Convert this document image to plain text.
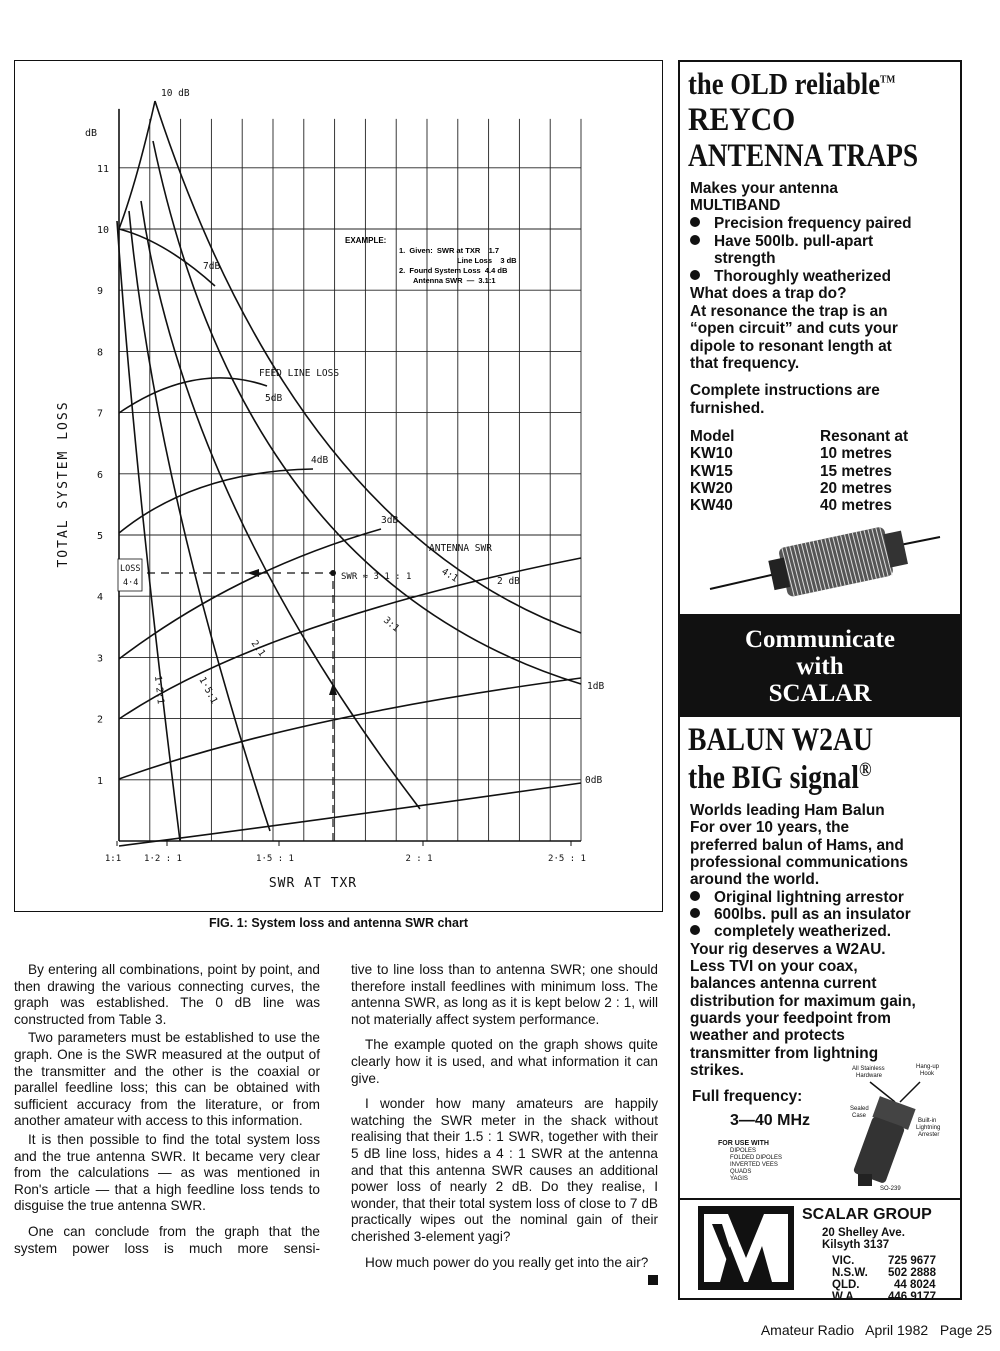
1
2
3
4
5
6
7
8
9
10
11
dB
1:1	1·2 : 1	1·5 : 1	2 : 1	2·5 : 1
SWR AT TXR
TOTAL SYSTEM LOSS
10 dB
7dB
5dB
4dB
3dB
2 dB
1dB
0dB
FEED LINE LOSS
ANTENNA SWR
4:1
3:1
2:1
1·5:1
1·2:1
SWR ≈ 3·1 : 1
LOSS
4·4
EXAMPLE:
1.  Given:  SWR at TXR    1.7
Line Loss    3 dB
2.  Found System Loss  4.4 dB
Antenna SWR  —  3.1:1
FIG. 1: System loss and antenna SWR chart

By entering all combinations, point by point, and then drawing the various connecting curves, the graph was established. The 0 dB line was constructed from Table 3.

Two parameters must be established to use the graph. One is the SWR measured at the output of the transmitter and the other is the coaxial or parallel feedline loss; this can be obtained with sufficient accuracy from the literature, or from another amateur with access to this information.

It is then possible to find the total system loss and the true antenna SWR. It became very clear from the calculations — as was mentioned in Ron's article — that a high feedline loss tends to disguise the true antenna SWR.

One can conclude from the graph that the system power loss is much more sensi-

tive to line loss than to antenna SWR; one should therefore install feedlines with minimum loss. The antenna SWR, as long as it is kept below 2 : 1, will not materially affect system performance.

The example quoted on the graph shows quite clearly how it is used, and what information it can give.

I wonder how many amateurs are happily watching the SWR meter in the shack without realising that their 1.5 : 1 SWR, together with their 5 dB line loss, hides a 4 : 1 SWR at the antenna and that this antenna SWR causes an additional power loss of nearly 2 dB. Do they realise, I wonder, that their total system loss of close to 7 dB practically wipes out the nominal gain of their cherished 3-element yagi?

How much power do you really get into the air?

the OLD reliable™
REYCO
ANTENNA TRAPS
Makes your antenna
MULTIBAND
Precision frequency paired
Have 500lb. pull-apart
strength
Thoroughly weatherized
What does a trap do?
At resonance the trap is an
“open circuit” and cuts your
dipole to resonant length at
that frequency.
Complete instructions are
furnished.
Model	Resonant at
KW10	10 metres
KW15	15 metres
KW20	20 metres
KW40	40 metres
Communicate
with
SCALAR
BALUN W2AU
the BIG signal®
Worlds leading Ham Balun
For over 10 years, the
preferred balun of Hams, and
professional communications
around the world.
Original lightning arrestor
600lbs. pull as an insulator
completely weatherized.
Your rig deserves a W2AU.
Less TVI on your coax,
balances antenna current
distribution for maximum gain,
guards your feedpoint from
weather and protects
transmitter from lightning
strikes.
Full frequency:
3—40 MHz
FOR USE WITH
DIPOLES
FOLDED DIPOLES
INVERTED VEES
QUADS
YAGIS
All Stainless
Hardware
Hang-up
Hook
Sealed
Case
Built-in
Lightning
Arrester
SO-239
SCALAR GROUP
20 Shelley Ave.
Kilsyth 3137
VIC.	725 9677
N.S.W. 502 2888
QLD.	44 8024
W.A.	446 9177
Amateur Radio   April 1982   Page 25
